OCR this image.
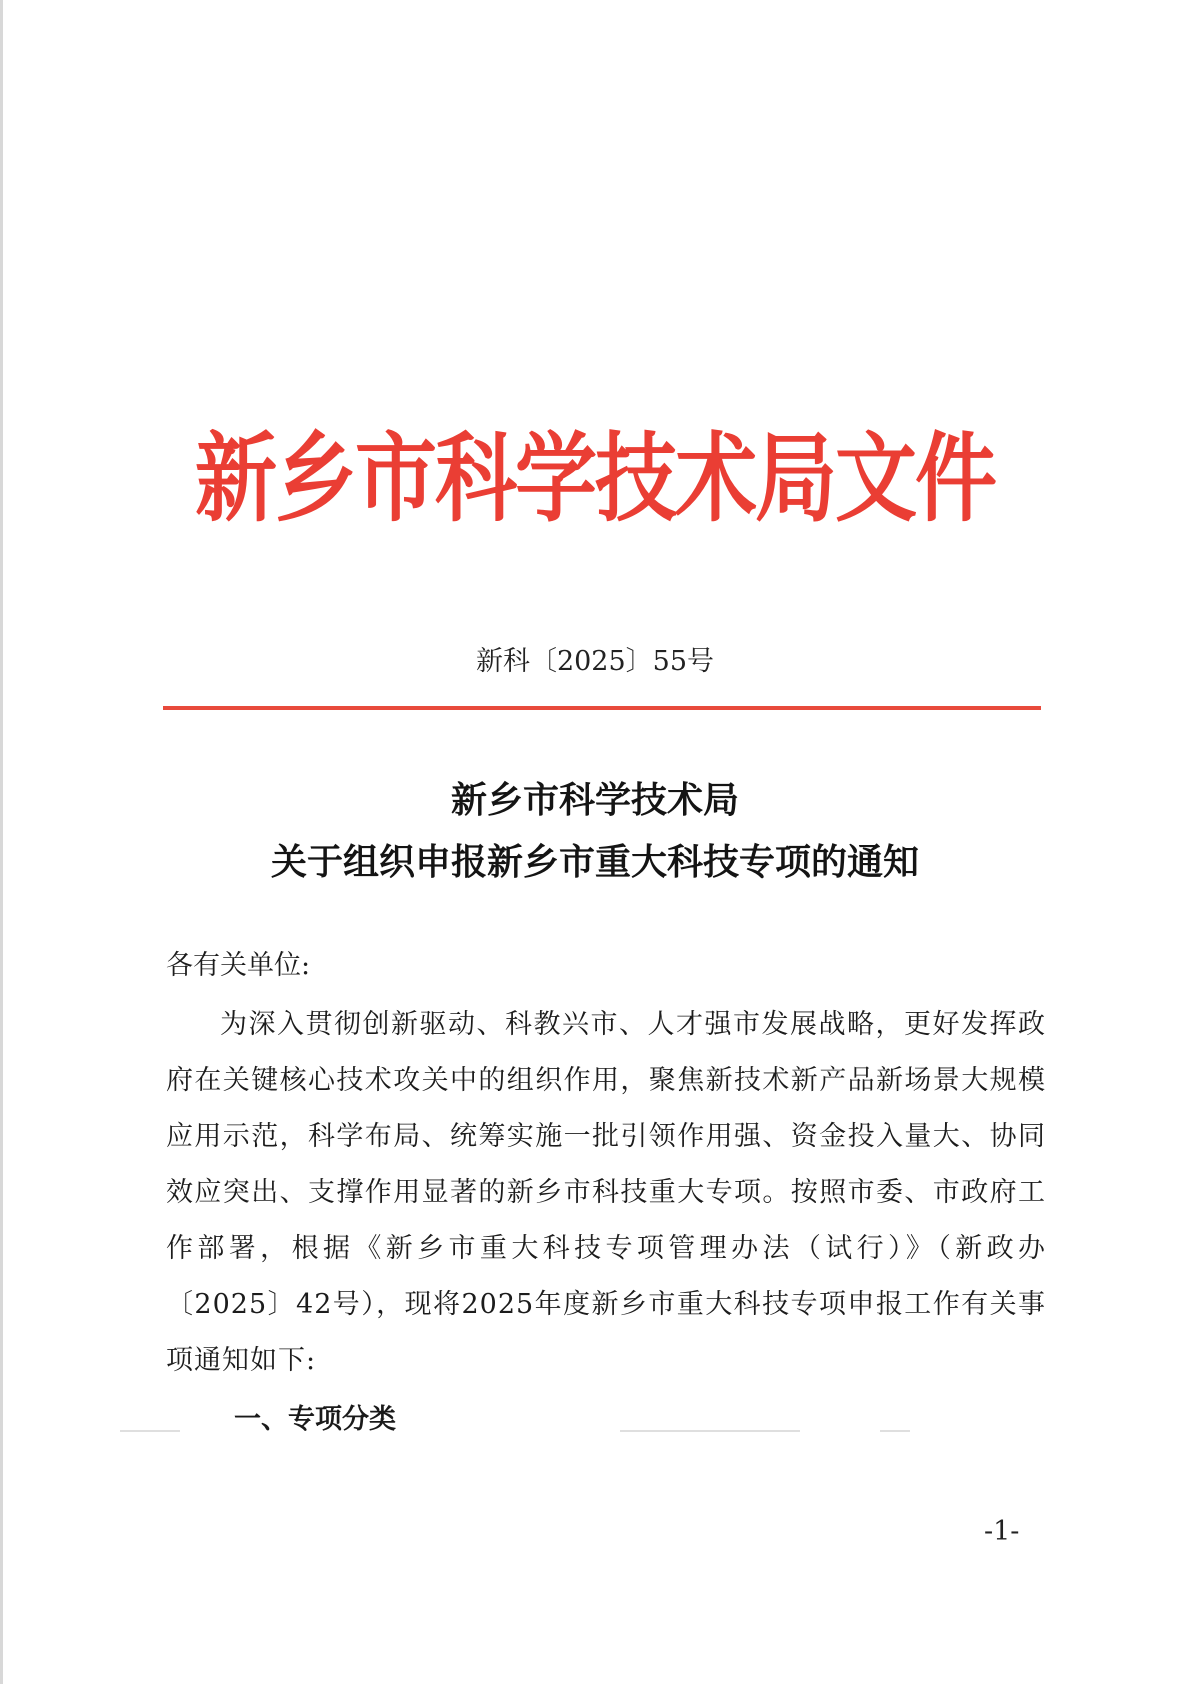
新乡市科学技术局文件
新科〔2025〕55号
新乡市科学技术局
关于组织申报新乡市重大科技专项的通知
各有关单位:

为深入贯彻创新驱动、科教兴市、人才强市发展战略，更好发挥政府在关键核心技术攻关中的组织作用，聚焦新技术新产品新场景大规模应用示范，科学布局、统筹实施一批引领作用强、资金投入量大、协同效应突出、支撑作用显著的新乡市科技重大专项。按照市委、市政府工作部署，根据《新乡市重大科技专项管理办法（试行）》（新政办〔2025〕42号），现将2025年度新乡市重大科技专项申报工作有关事项通知如下:

一、专项分类
-1-
